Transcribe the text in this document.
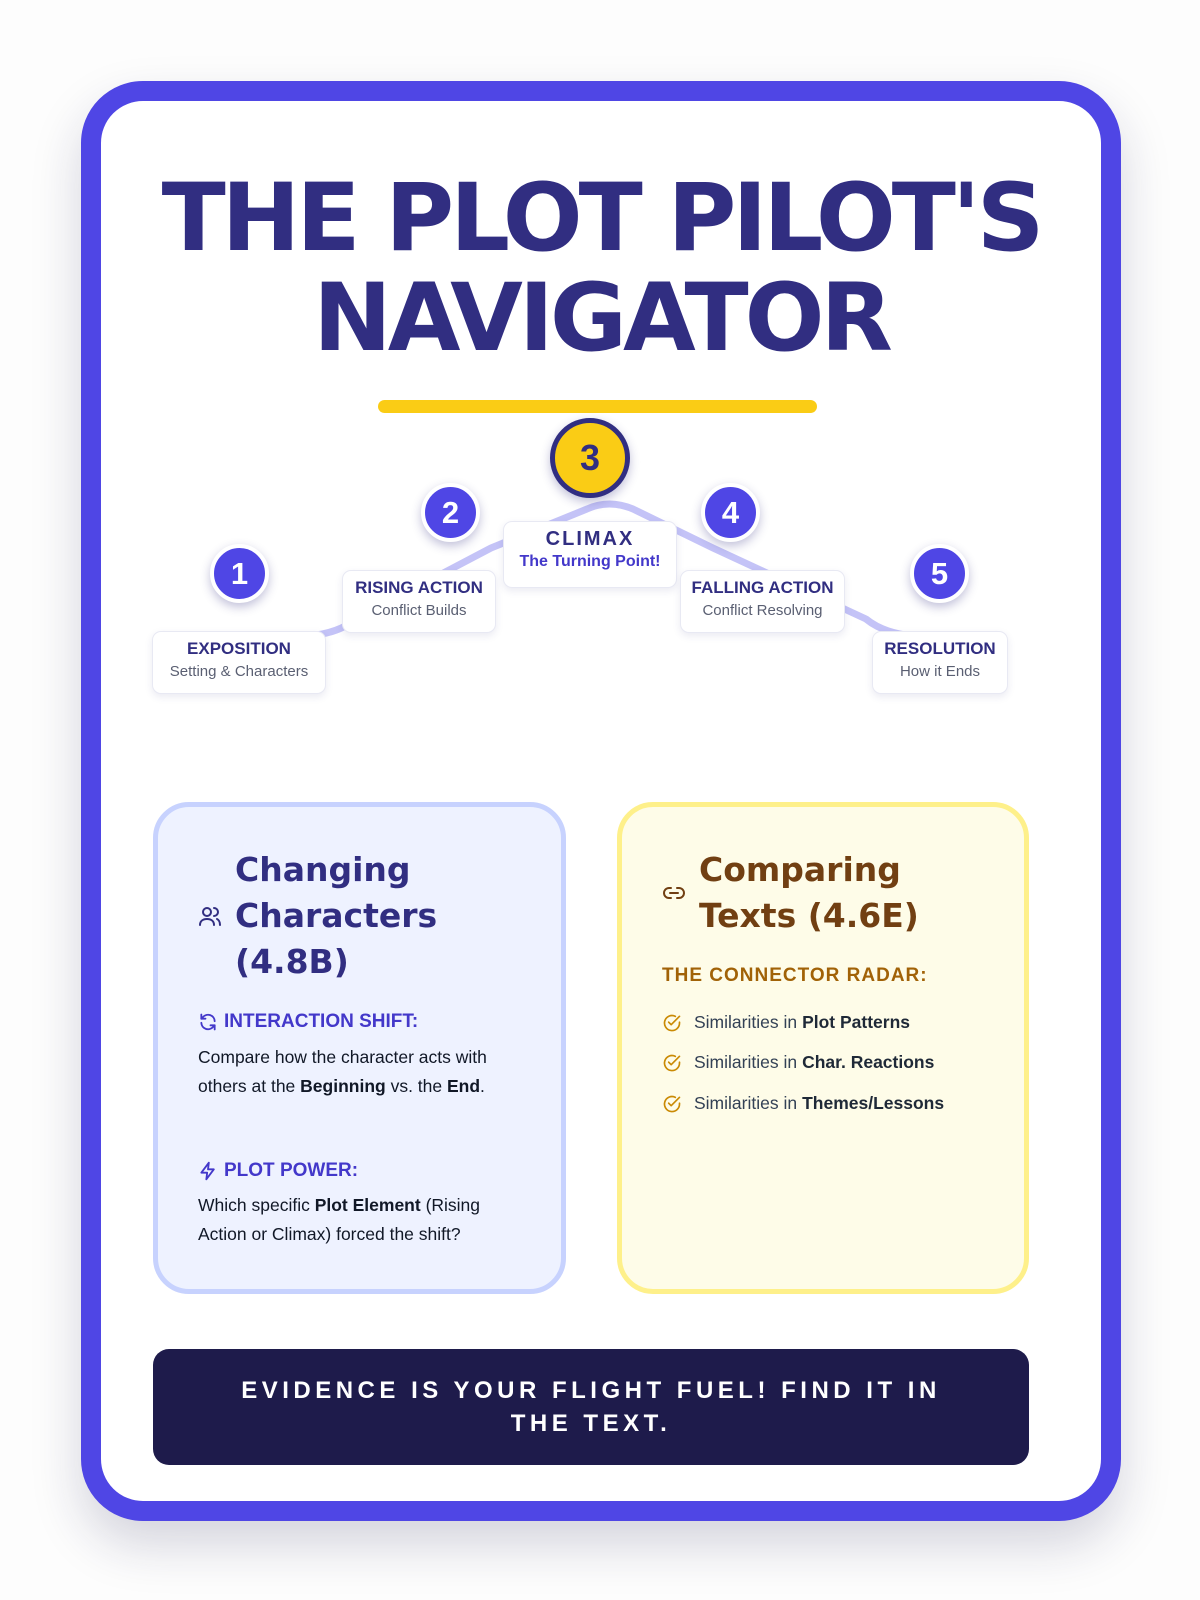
THE PLOT PILOT'S
NAVIGATOR
EXPOSITION
Setting & Characters
RISING ACTION
Conflict Builds
CLIMAX
The Turning Point!
FALLING ACTION
Conflict Resolving
RESOLUTION
How it Ends
1
2
3
4
5
Changing Characters (4.8B)
INTERACTION SHIFT:
Compare how the character acts with others at the Beginning vs. the End.
PLOT POWER:
Which specific Plot Element (Rising Action or Climax) forced the shift?
Comparing Texts (4.6E)
THE CONNECTOR RADAR:
Similarities in Plot Patterns
Similarities in Char. Reactions
Similarities in Themes/Lessons
EVIDENCE IS YOUR FLIGHT FUEL! FIND IT IN THE TEXT.
